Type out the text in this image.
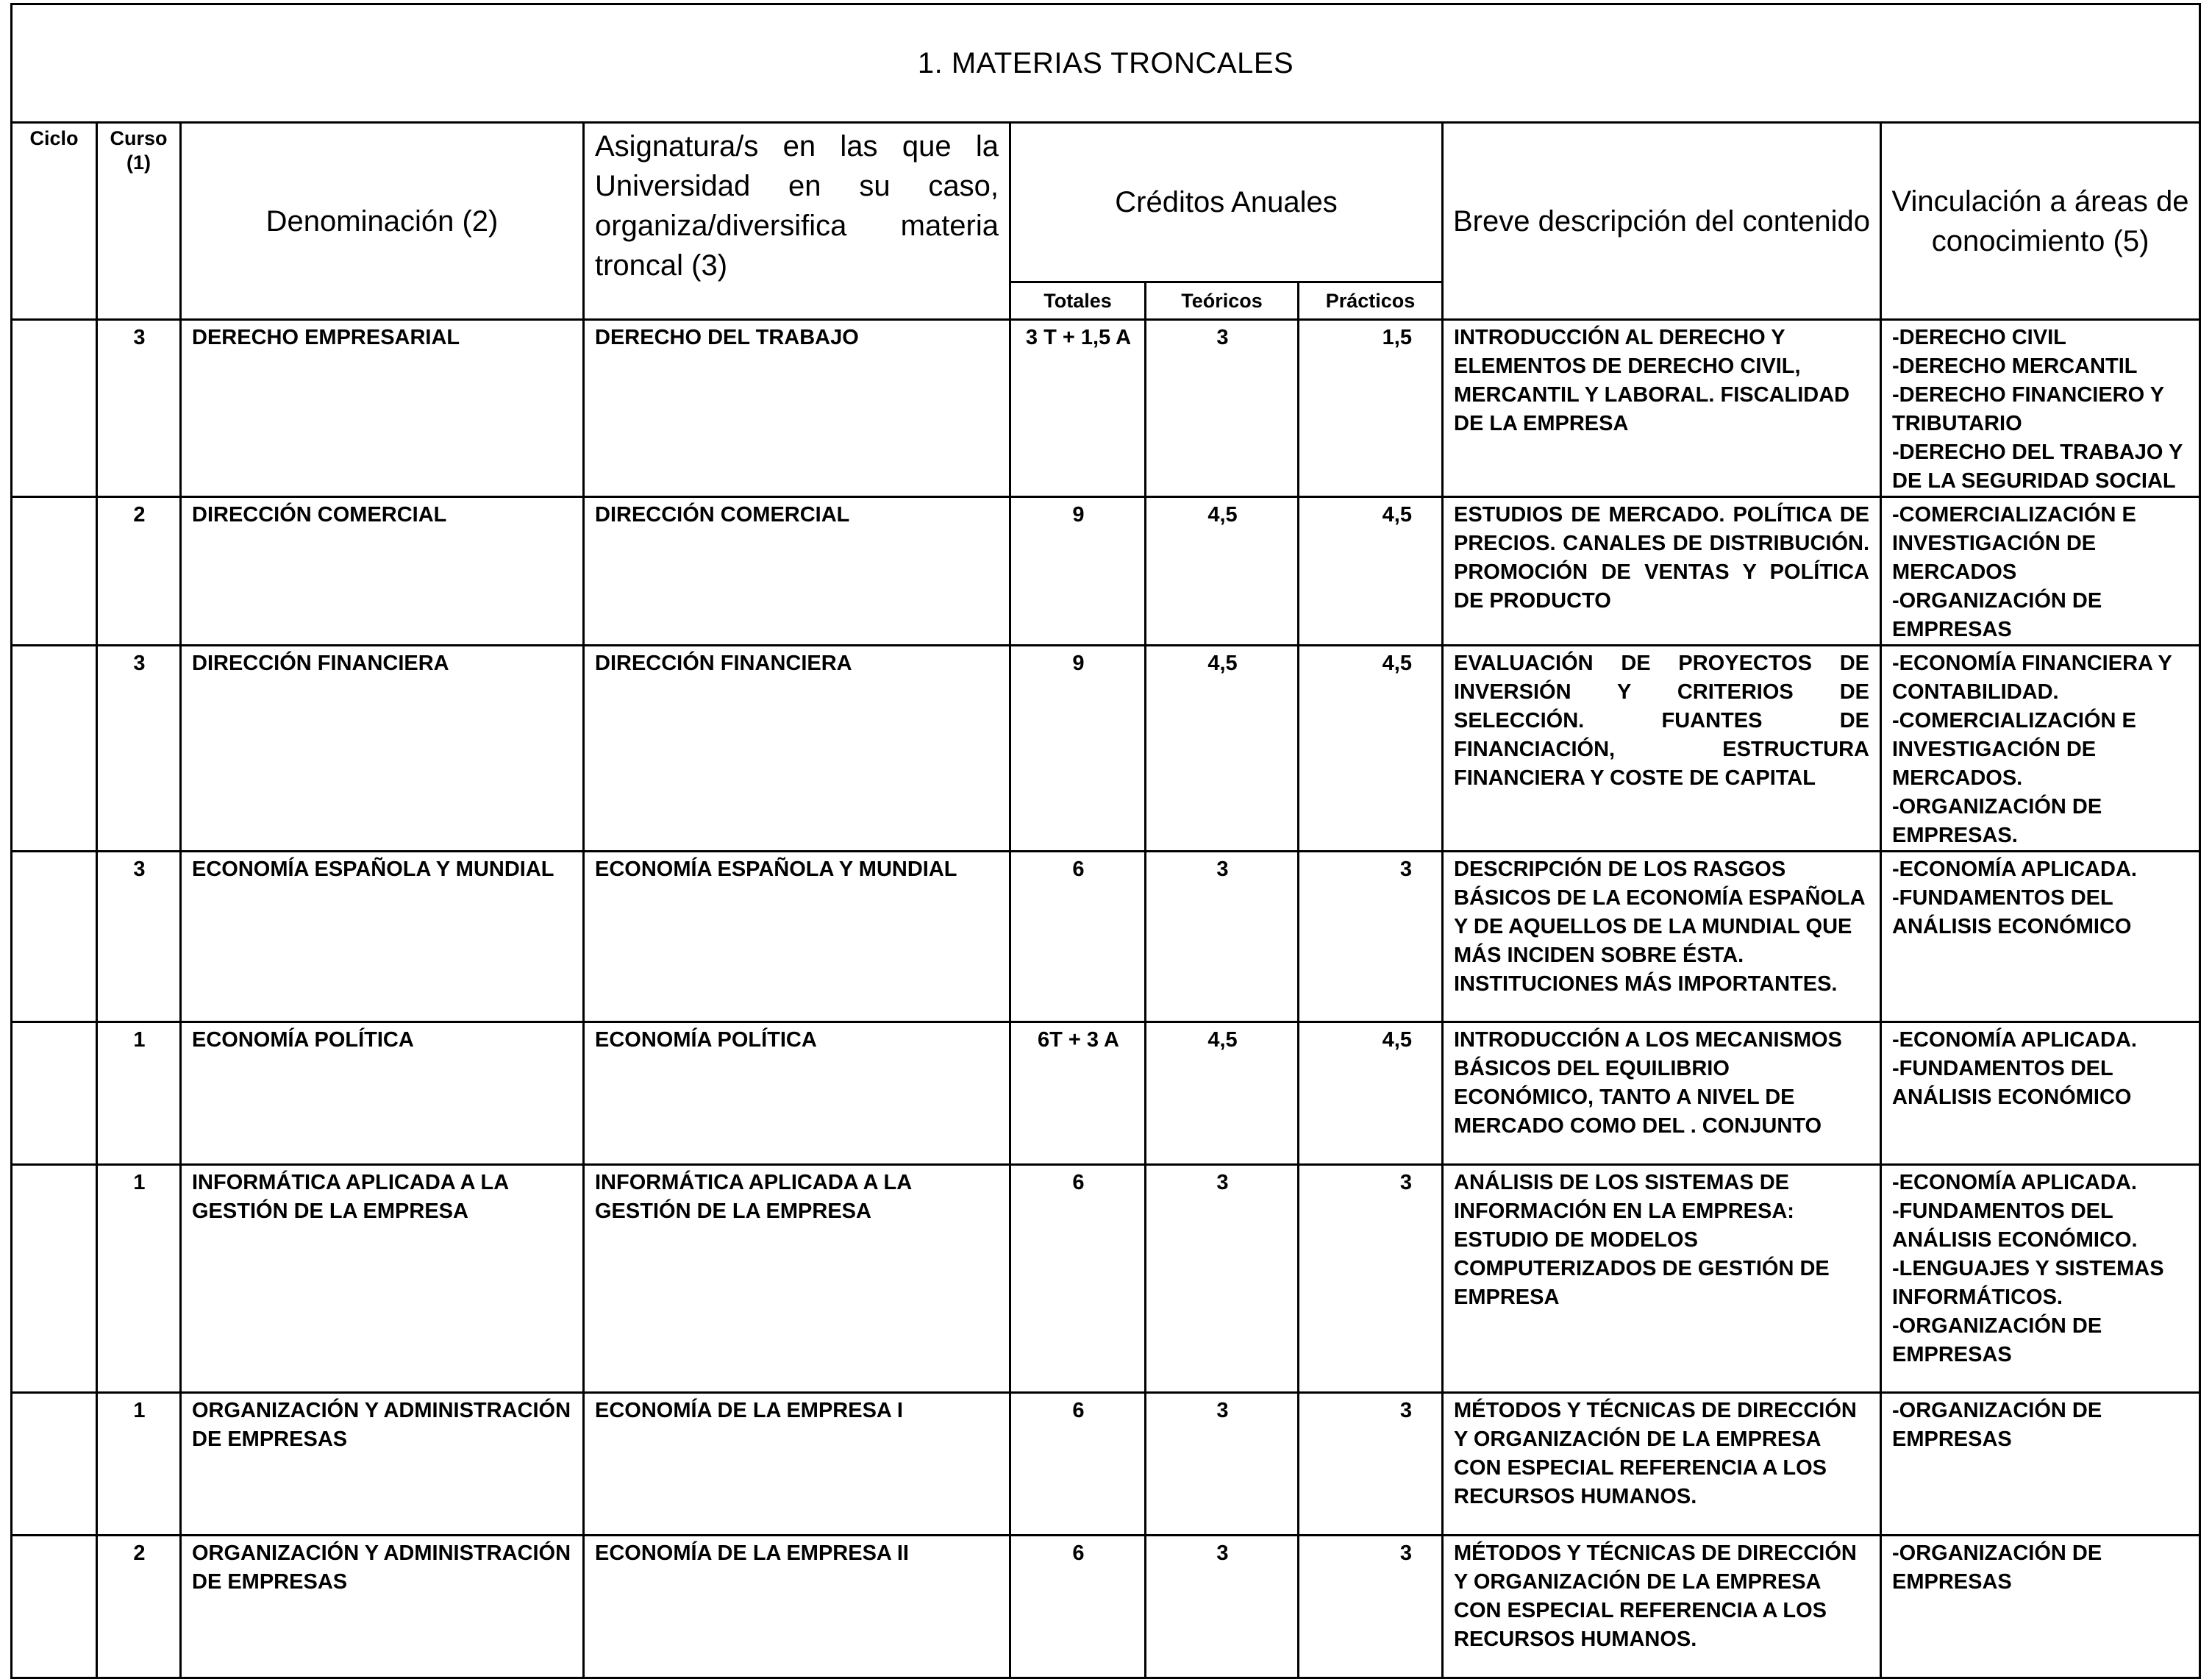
1. MATERIAS TRONCALES								
Ciclo	Curso (1)	Denominación (2)	Asignatura/s en las que la Universidad en su caso, organiza/diversifica materia troncal (3)	Créditos Anuales			Breve descripción del contenido	Vinculación a áreas de conocimiento (5)
				Totales	Teóricos	Prácticos		
	3	DERECHO EMPRESARIAL	DERECHO DEL TRABAJO	3 T + 1,5 A	3	1,5	INTRODUCCIÓN AL DERECHO Y ELEMENTOS DE DERECHO CIVIL, MERCANTIL Y LABORAL. FISCALIDAD DE LA EMPRESA	-DERECHO CIVIL
-DERECHO MERCANTIL
-DERECHO FINANCIERO Y TRIBUTARIO
-DERECHO DEL TRABAJO Y DE LA SEGURIDAD SOCIAL

	2	DIRECCIÓN COMERCIAL	DIRECCIÓN COMERCIAL	9	4,5	4,5	ESTUDIOS DE MERCADO. POLÍTICA DE PRECIOS. CANALES DE DISTRIBUCIÓN. PROMOCIÓN DE VENTAS Y POLÍTICA DE PRODUCTO	-COMERCIALIZACIÓN E INVESTIGACIÓN DE MERCADOS
-ORGANIZACIÓN DE EMPRESAS

	3	DIRECCIÓN FINANCIERA	DIRECCIÓN FINANCIERA	9	4,5	4,5	EVALUACIÓN DE PROYECTOS DE INVERSIÓN Y CRITERIOS DE SELECCIÓN. FUANTES DE FINANCIACIÓN, ESTRUCTURA FINANCIERA Y COSTE DE CAPITAL	-ECONOMÍA FINANCIERA Y CONTABILIDAD.
-COMERCIALIZACIÓN E INVESTIGACIÓN DE MERCADOS.
-ORGANIZACIÓN DE EMPRESAS.

	3	ECONOMÍA ESPAÑOLA Y MUNDIAL	ECONOMÍA ESPAÑOLA Y MUNDIAL	6	3	3	DESCRIPCIÓN DE LOS RASGOS BÁSICOS DE LA ECONOMÍA ESPAÑOLA Y DE AQUELLOS DE LA MUNDIAL QUE MÁS INCIDEN SOBRE ÉSTA. INSTITUCIONES MÁS IMPORTANTES.	-ECONOMÍA APLICADA.
-FUNDAMENTOS DEL ANÁLISIS ECONÓMICO

	1	ECONOMÍA POLÍTICA	ECONOMÍA POLÍTICA	6T + 3 A	4,5	4,5	INTRODUCCIÓN A LOS MECANISMOS BÁSICOS DEL EQUILIBRIO ECONÓMICO, TANTO A NIVEL DE MERCADO COMO DEL . CONJUNTO	-ECONOMÍA APLICADA.
-FUNDAMENTOS DEL ANÁLISIS ECONÓMICO

	1	INFORMÁTICA APLICADA A LA GESTIÓN DE LA EMPRESA	INFORMÁTICA APLICADA A LA GESTIÓN DE LA EMPRESA	6	3	3	ANÁLISIS DE LOS SISTEMAS DE INFORMACIÓN EN LA EMPRESA: ESTUDIO DE MODELOS COMPUTERIZADOS DE GESTIÓN DE EMPRESA	-ECONOMÍA APLICADA.
-FUNDAMENTOS DEL ANÁLISIS ECONÓMICO.
-LENGUAJES Y SISTEMAS INFORMÁTICOS.
-ORGANIZACIÓN DE EMPRESAS

	1	ORGANIZACIÓN Y ADMINISTRACIÓN DE EMPRESAS	ECONOMÍA DE LA EMPRESA I	6	3	3	MÉTODOS Y TÉCNICAS DE DIRECCIÓN Y ORGANIZACIÓN DE LA EMPRESA CON ESPECIAL REFERENCIA A LOS RECURSOS HUMANOS.	-ORGANIZACIÓN DE EMPRESAS

	2	ORGANIZACIÓN Y ADMINISTRACIÓN DE EMPRESAS	ECONOMÍA DE LA EMPRESA II	6	3	3	MÉTODOS Y TÉCNICAS DE DIRECCIÓN Y ORGANIZACIÓN DE LA EMPRESA CON ESPECIAL REFERENCIA A LOS RECURSOS HUMANOS.	-ORGANIZACIÓN DE EMPRESAS
